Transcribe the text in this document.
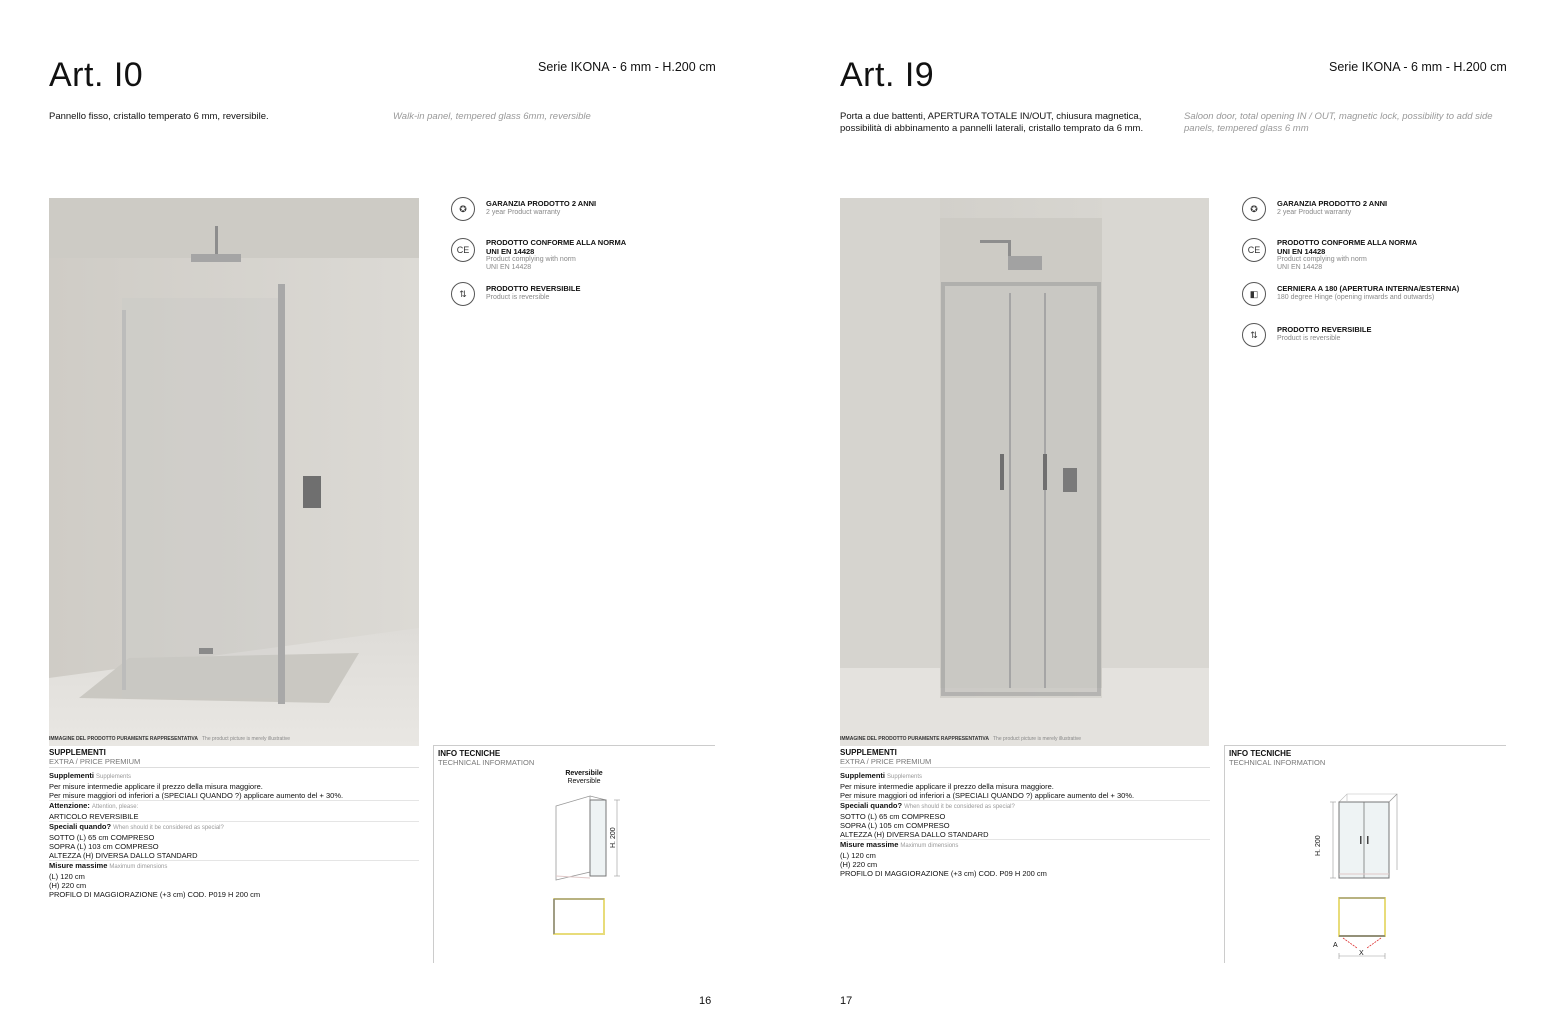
Art. I0	Serie IKONA - 6 mm - H.200 cm

Pannello fisso, cristallo temperato 6 mm, reversibile.	Walk-in panel, tempered glass 6mm, reversible

IMMAGINE DEL PRODOTTO PURAMENTE RAPPRESENTATIVA The product picture is merely illustrative
✪	GARANZIA PRODOTTO 2 ANNI
2 year Product warranty
CE
PRODOTTO CONFORME ALLA NORMA
UNI EN 14428
Product complying with norm
UNI EN 14428
⇅	PRODOTTO REVERSIBILE
Product is reversible
SUPPLEMENTI
EXTRA / PRICE PREMIUM
Supplementi Supplements
Per misure intermedie applicare il prezzo della misura maggiore.
Per misure maggiori od inferiori a (SPECIALI QUANDO ?) applicare aumento del + 30%.
Attenzione: Attention, please:
ARTICOLO REVERSIBILE
Speciali quando? When should it be considered as special?
SOTTO (L) 65 cm COMPRESO
SOPRA (L) 103 cm COMPRESO
ALTEZZA (H) DIVERSA DALLO STANDARD
Misure massime Maximum dimensions
(L) 120 cm
(H) 220 cm
PROFILO DI MAGGIORAZIONE (+3 cm) COD. P019 H 200 cm
INFO TECNICHE
TECHNICAL INFORMATION
Reversibile
Reversible
H. 200
16
Art. I9	Serie IKONA - 6 mm - H.200 cm

Porta a due battenti, APERTURA TOTALE IN/OUT, chiusura magnetica, possibilità di abbinamento a pannelli laterali, cristallo temprato da 6 mm.

Saloon door, total opening IN / OUT, magnetic lock, possibility to add side panels, tempered glass 6 mm

IMMAGINE DEL PRODOTTO PURAMENTE RAPPRESENTATIVA The product picture is merely illustrative
✪	GARANZIA PRODOTTO 2 ANNI
2 year Product warranty
CE
PRODOTTO CONFORME ALLA NORMA
UNI EN 14428
Product complying with norm
UNI EN 14428
◧	CERNIERA A 180 (APERTURA INTERNA/ESTERNA)
180 degree Hinge (opening inwards and outwards)
⇅	PRODOTTO REVERSIBILE
Product is reversible
SUPPLEMENTI
EXTRA / PRICE PREMIUM
Supplementi Supplements
Per misure intermedie applicare il prezzo della misura maggiore.
Per misure maggiori od inferiori a (SPECIALI QUANDO ?) applicare aumento del + 30%.
Speciali quando? When should it be considered as special?
SOTTO (L) 65 cm COMPRESO
SOPRA (L) 105 cm COMPRESO
ALTEZZA (H) DIVERSA DALLO STANDARD
Misure massime Maximum dimensions
(L) 120 cm
(H) 220 cm
PROFILO DI MAGGIORAZIONE (+3 cm) COD. P09 H 200 cm
INFO TECNICHE
TECHNICAL INFORMATION
H. 200
A
X
17
